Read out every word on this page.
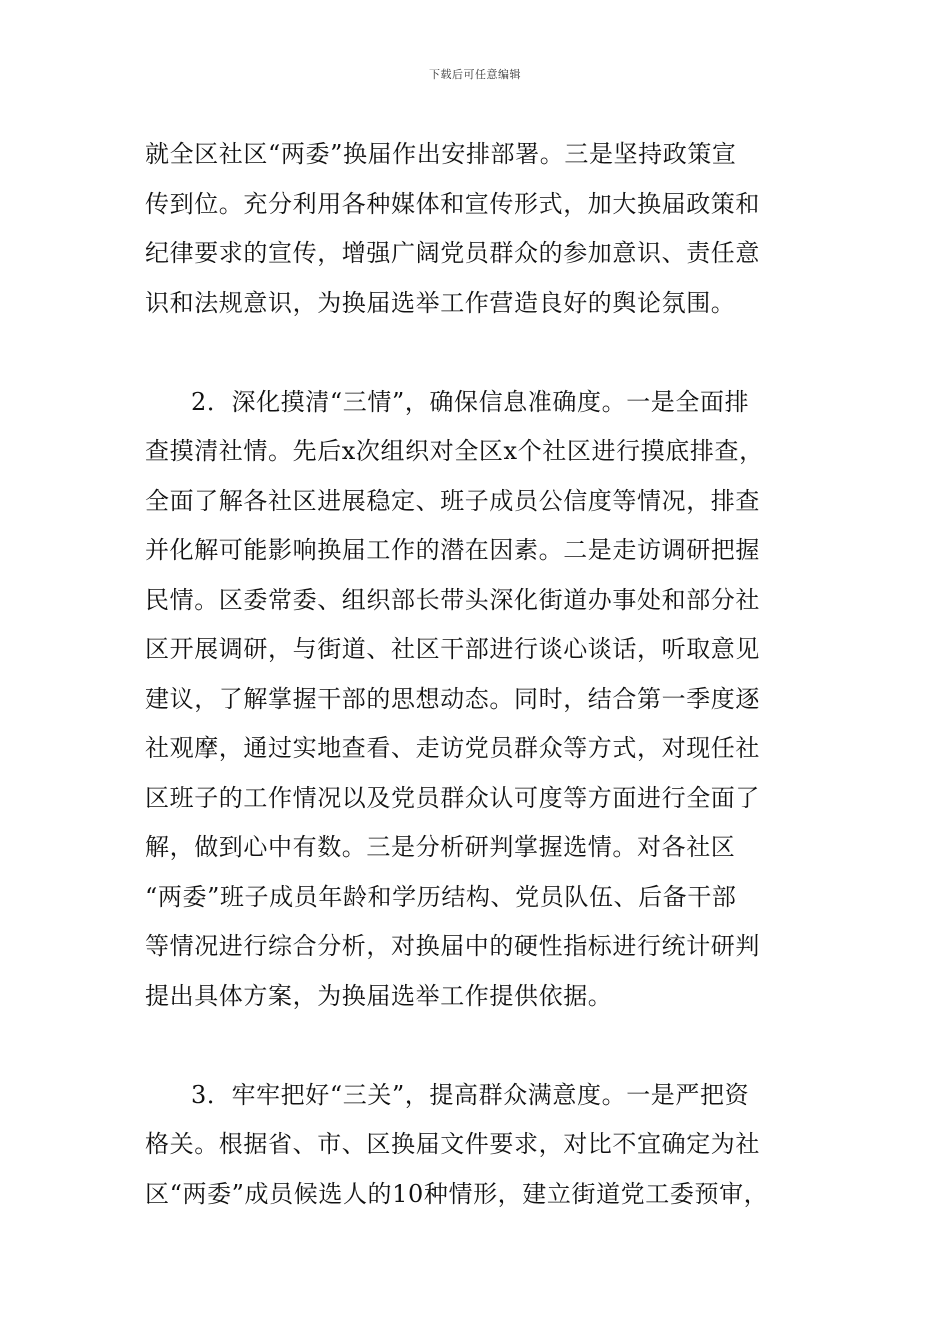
下载后可任意编辑
就全区社区“两委”换届作出安排部署。三是坚持政策宣
传到位。充分利用各种媒体和宣传形式，加大换届政策和
纪律要求的宣传，增强广阔党员群众的参加意识、责任意
识和法规意识，为换届选举工作营造良好的舆论氛围。
2．深化摸清“三情”，确保信息准确度。一是全面排
查摸清社情。先后x次组织对全区x个社区进行摸底排查，
全面了解各社区进展稳定、班子成员公信度等情况，排查
并化解可能影响换届工作的潜在因素。二是走访调研把握
民情。区委常委、组织部长带头深化街道办事处和部分社
区开展调研，与街道、社区干部进行谈心谈话，听取意见
建议，了解掌握干部的思想动态。同时，结合第一季度逐
社观摩，通过实地查看、走访党员群众等方式，对现任社
区班子的工作情况以及党员群众认可度等方面进行全面了
解，做到心中有数。三是分析研判掌握选情。对各社区
“两委”班子成员年龄和学历结构、党员队伍、后备干部
等情况进行综合分析，对换届中的硬性指标进行统计研判
提出具体方案，为换届选举工作提供依据。
3．牢牢把好“三关”，提高群众满意度。一是严把资
格关。根据省、市、区换届文件要求，对比不宜确定为社
区“两委”成员候选人的10种情形，建立街道党工委预审，
